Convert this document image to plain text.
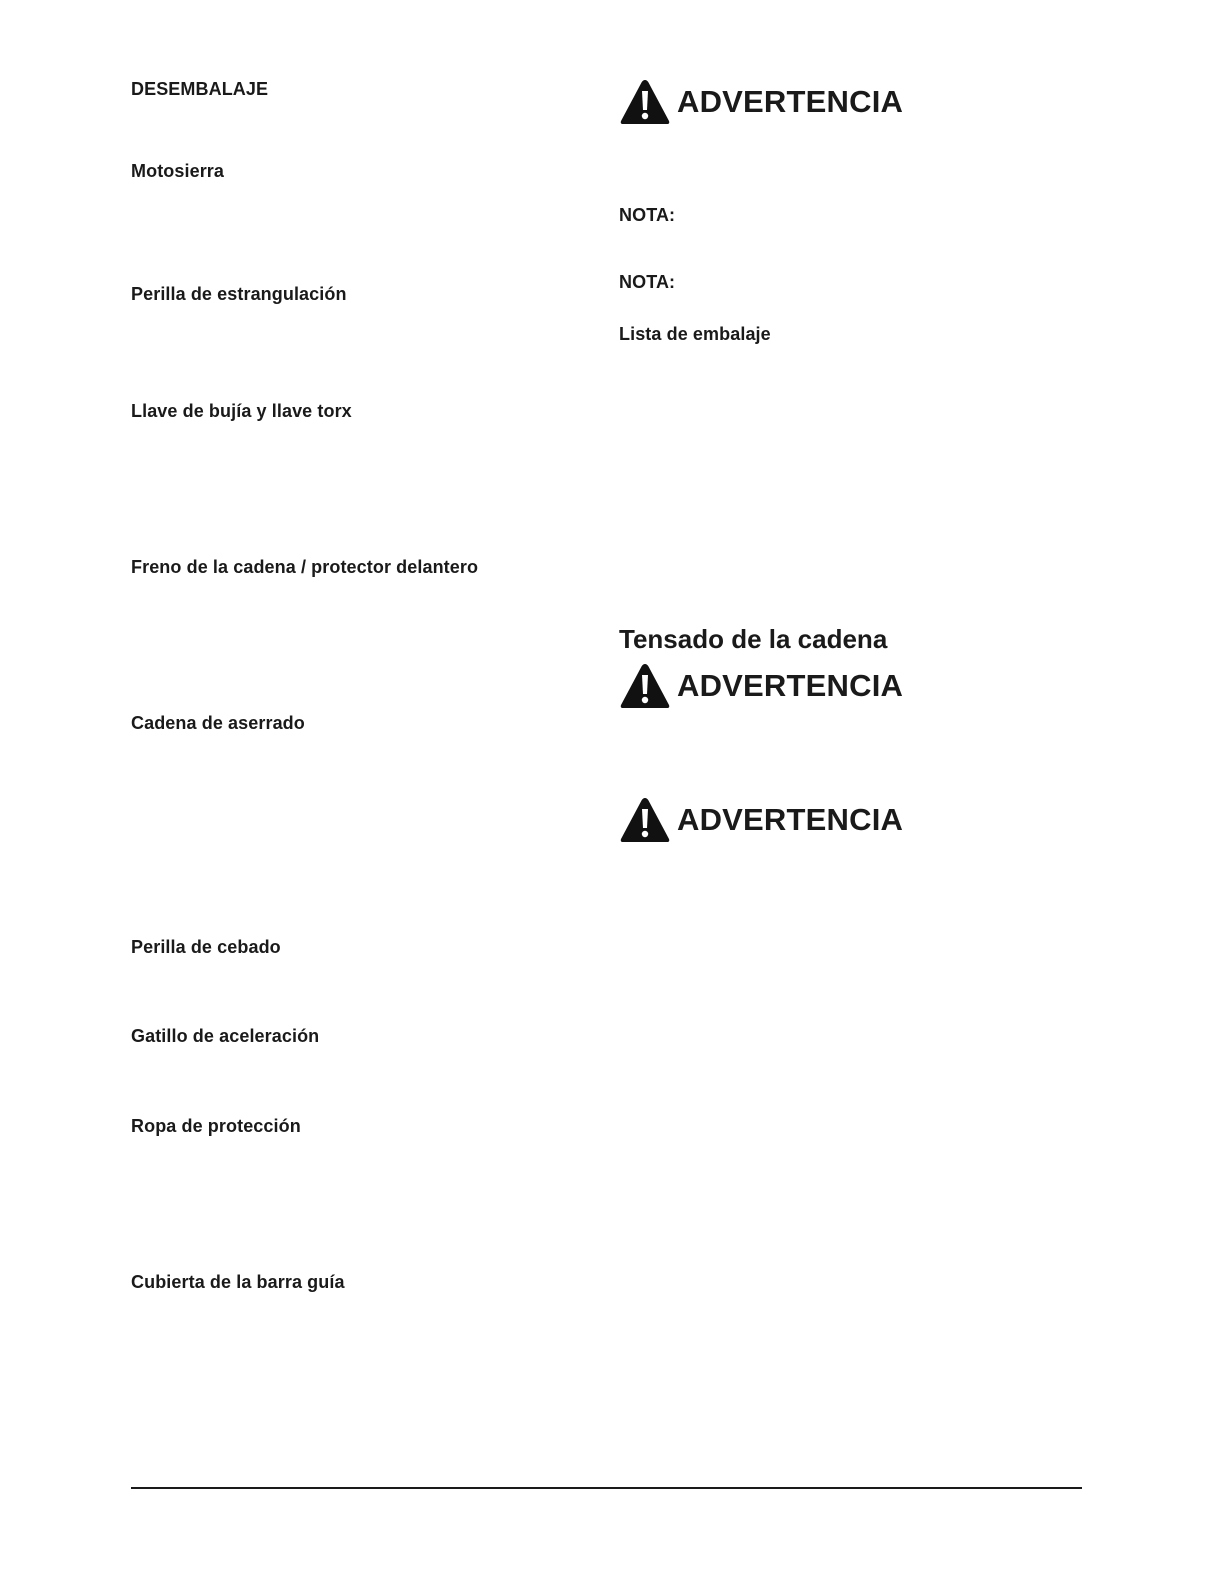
DESEMBALAJE
Motosierra
Perilla de estrangulación
Llave de bujía y llave torx
Freno de la cadena / protector delantero
Cadena de aserrado
Perilla de cebado
Gatillo de aceleración
Ropa de protección
Cubierta de la barra guía
ADVERTENCIA
NOTA:
NOTA:
Lista de embalaje
Tensado de la cadena
ADVERTENCIA
ADVERTENCIA
